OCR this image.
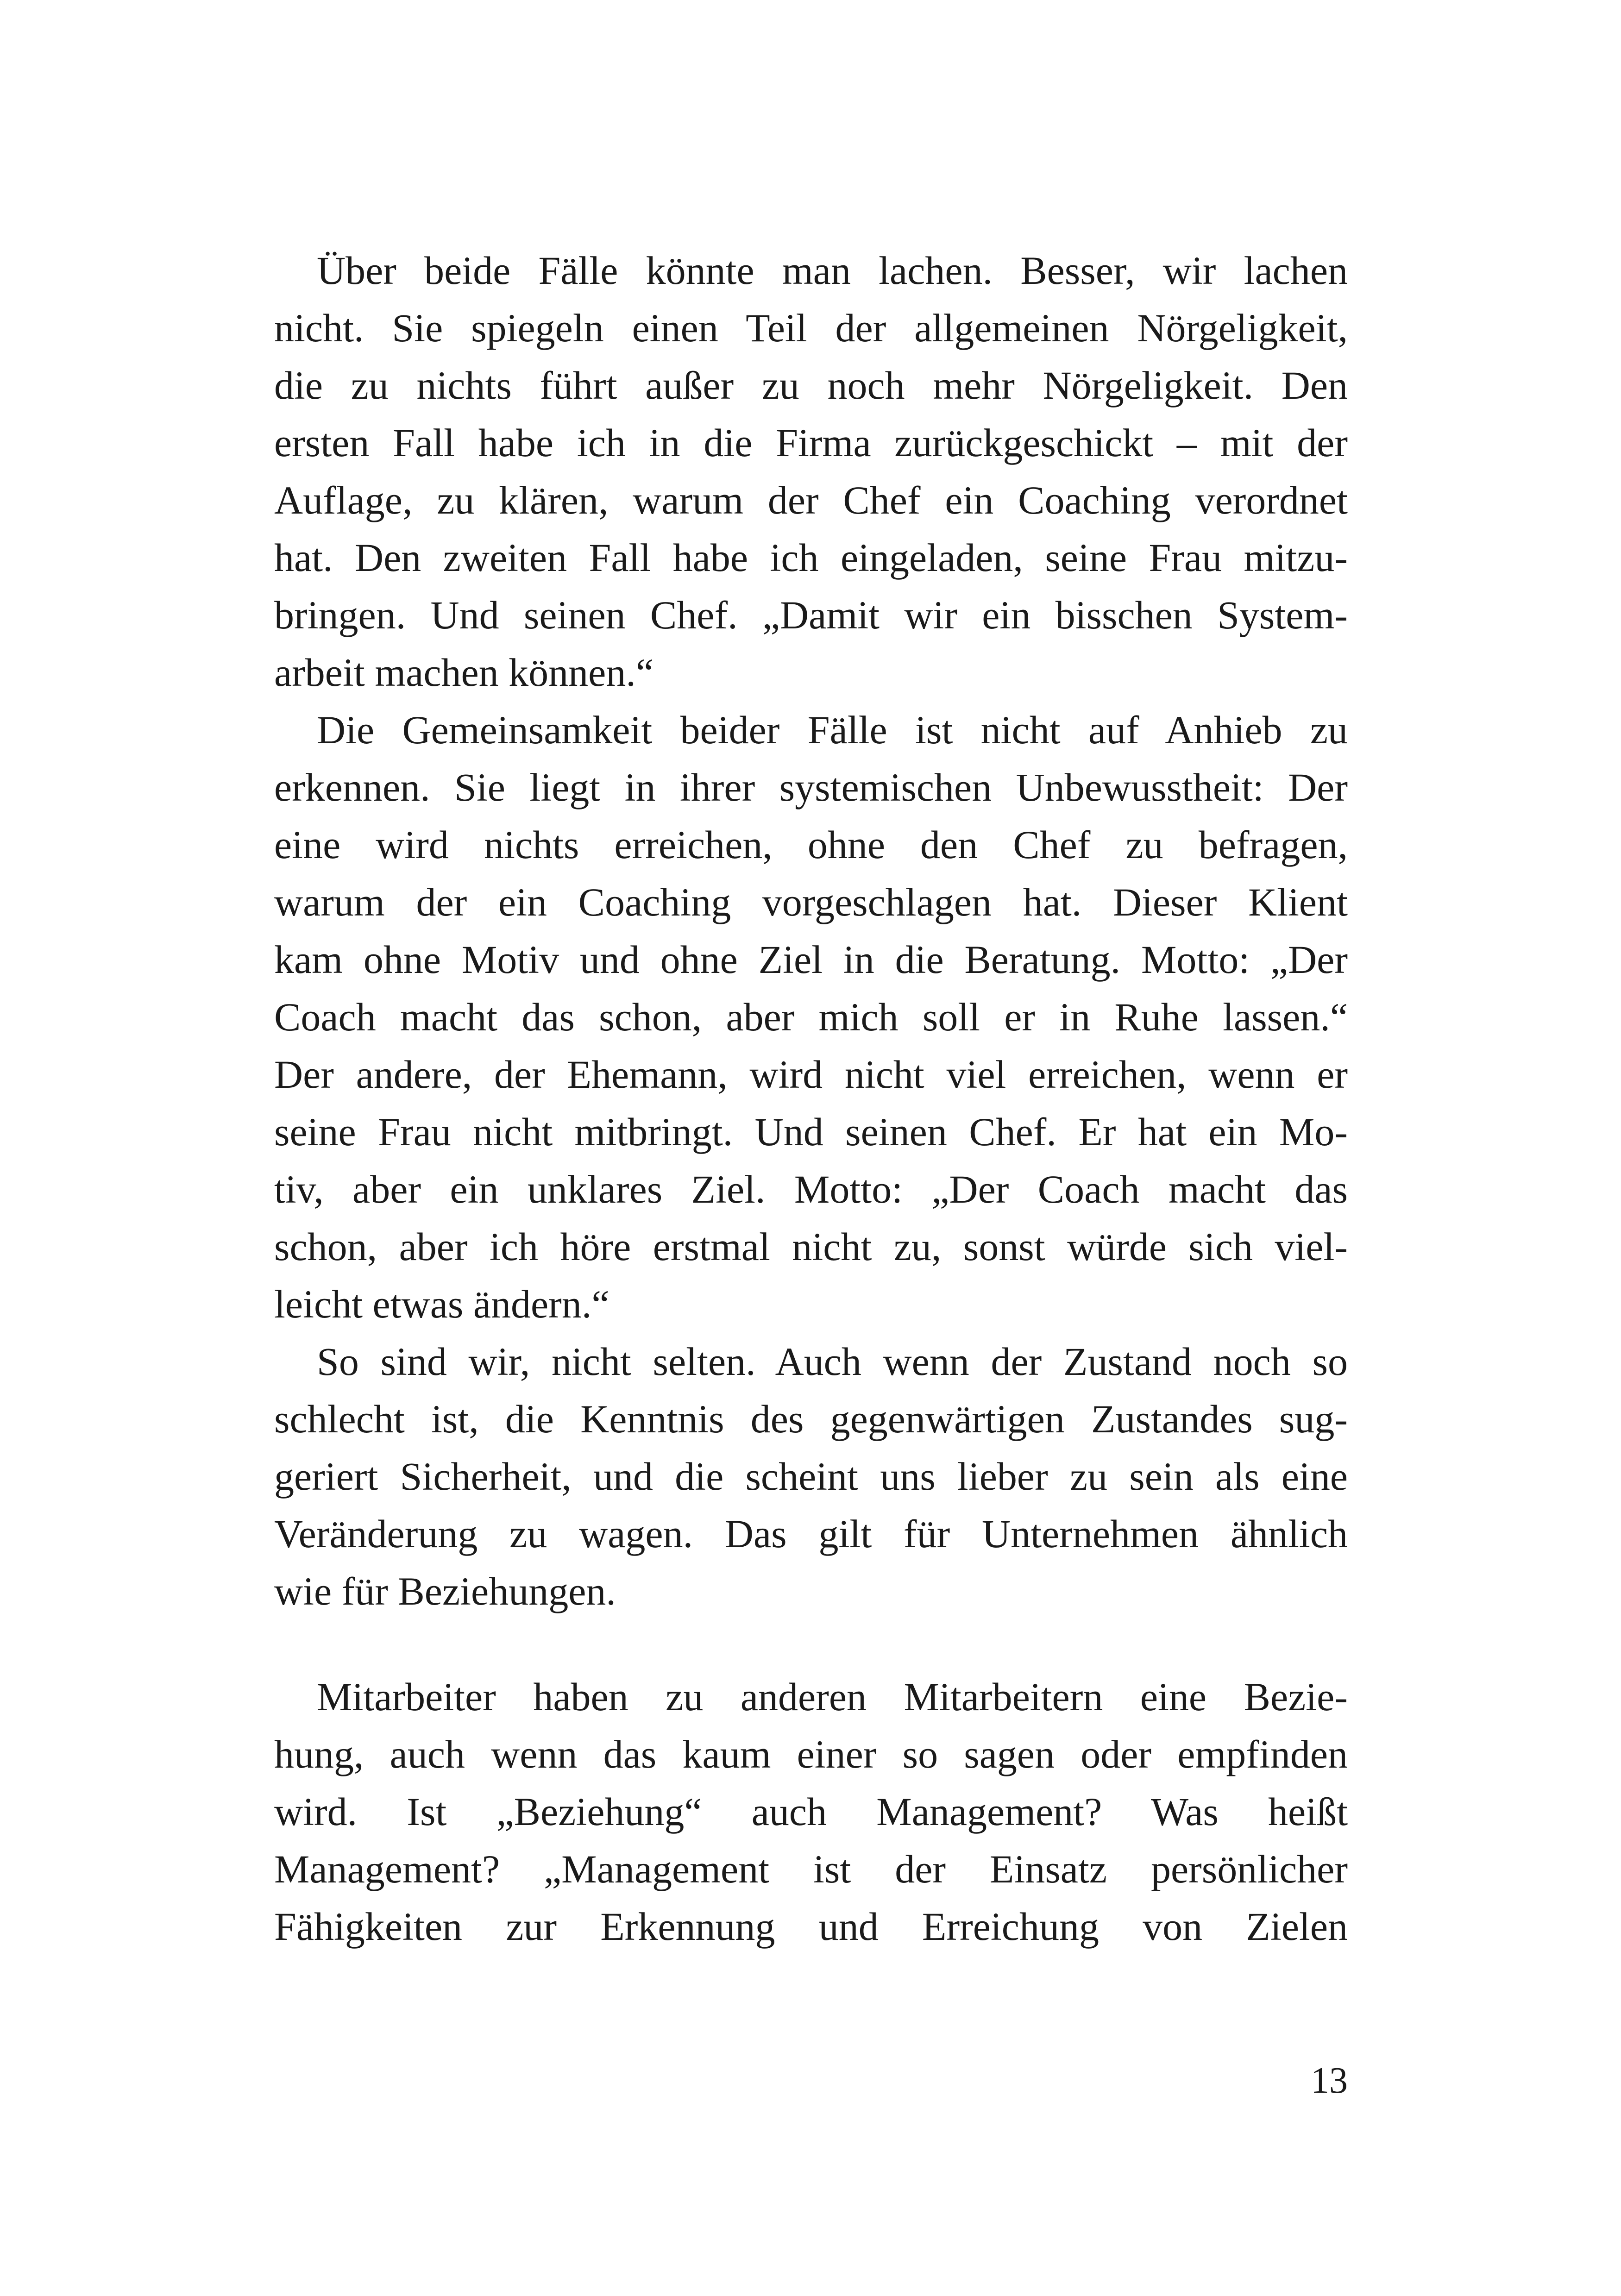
Über beide Fälle könnte man lachen. Besser, wir lachen
nicht. Sie spiegeln einen Teil der allgemeinen Nörgeligkeit,
die zu nichts führt außer zu noch mehr Nörgeligkeit. Den
ersten Fall habe ich in die Firma zurückgeschickt – mit der
Auflage, zu klären, warum der Chef ein Coaching verordnet
hat. Den zweiten Fall habe ich eingeladen, seine Frau mitzu-
bringen. Und seinen Chef. „Damit wir ein bisschen System-
arbeit machen können.“
Die Gemeinsamkeit beider Fälle ist nicht auf Anhieb zu
erkennen. Sie liegt in ihrer systemischen Unbewusstheit: Der
eine wird nichts erreichen, ohne den Chef zu befragen,
warum der ein Coaching vorgeschlagen hat. Dieser Klient
kam ohne Motiv und ohne Ziel in die Beratung. Motto: „Der
Coach macht das schon, aber mich soll er in Ruhe lassen.“
Der andere, der Ehemann, wird nicht viel erreichen, wenn er
seine Frau nicht mitbringt. Und seinen Chef. Er hat ein Mo-
tiv, aber ein unklares Ziel. Motto: „Der Coach macht das
schon, aber ich höre erstmal nicht zu, sonst würde sich viel-
leicht etwas ändern.“
So sind wir, nicht selten. Auch wenn der Zustand noch so
schlecht ist, die Kenntnis des gegenwärtigen Zustandes sug-
geriert Sicherheit, und die scheint uns lieber zu sein als eine
Veränderung zu wagen. Das gilt für Unternehmen ähnlich
wie für Beziehungen.
Mitarbeiter haben zu anderen Mitarbeitern eine Bezie-
hung, auch wenn das kaum einer so sagen oder empfinden
wird. Ist „Beziehung“ auch Management? Was heißt
Management? „Management ist der Einsatz persönlicher
Fähigkeiten zur Erkennung und Erreichung von Zielen
13
